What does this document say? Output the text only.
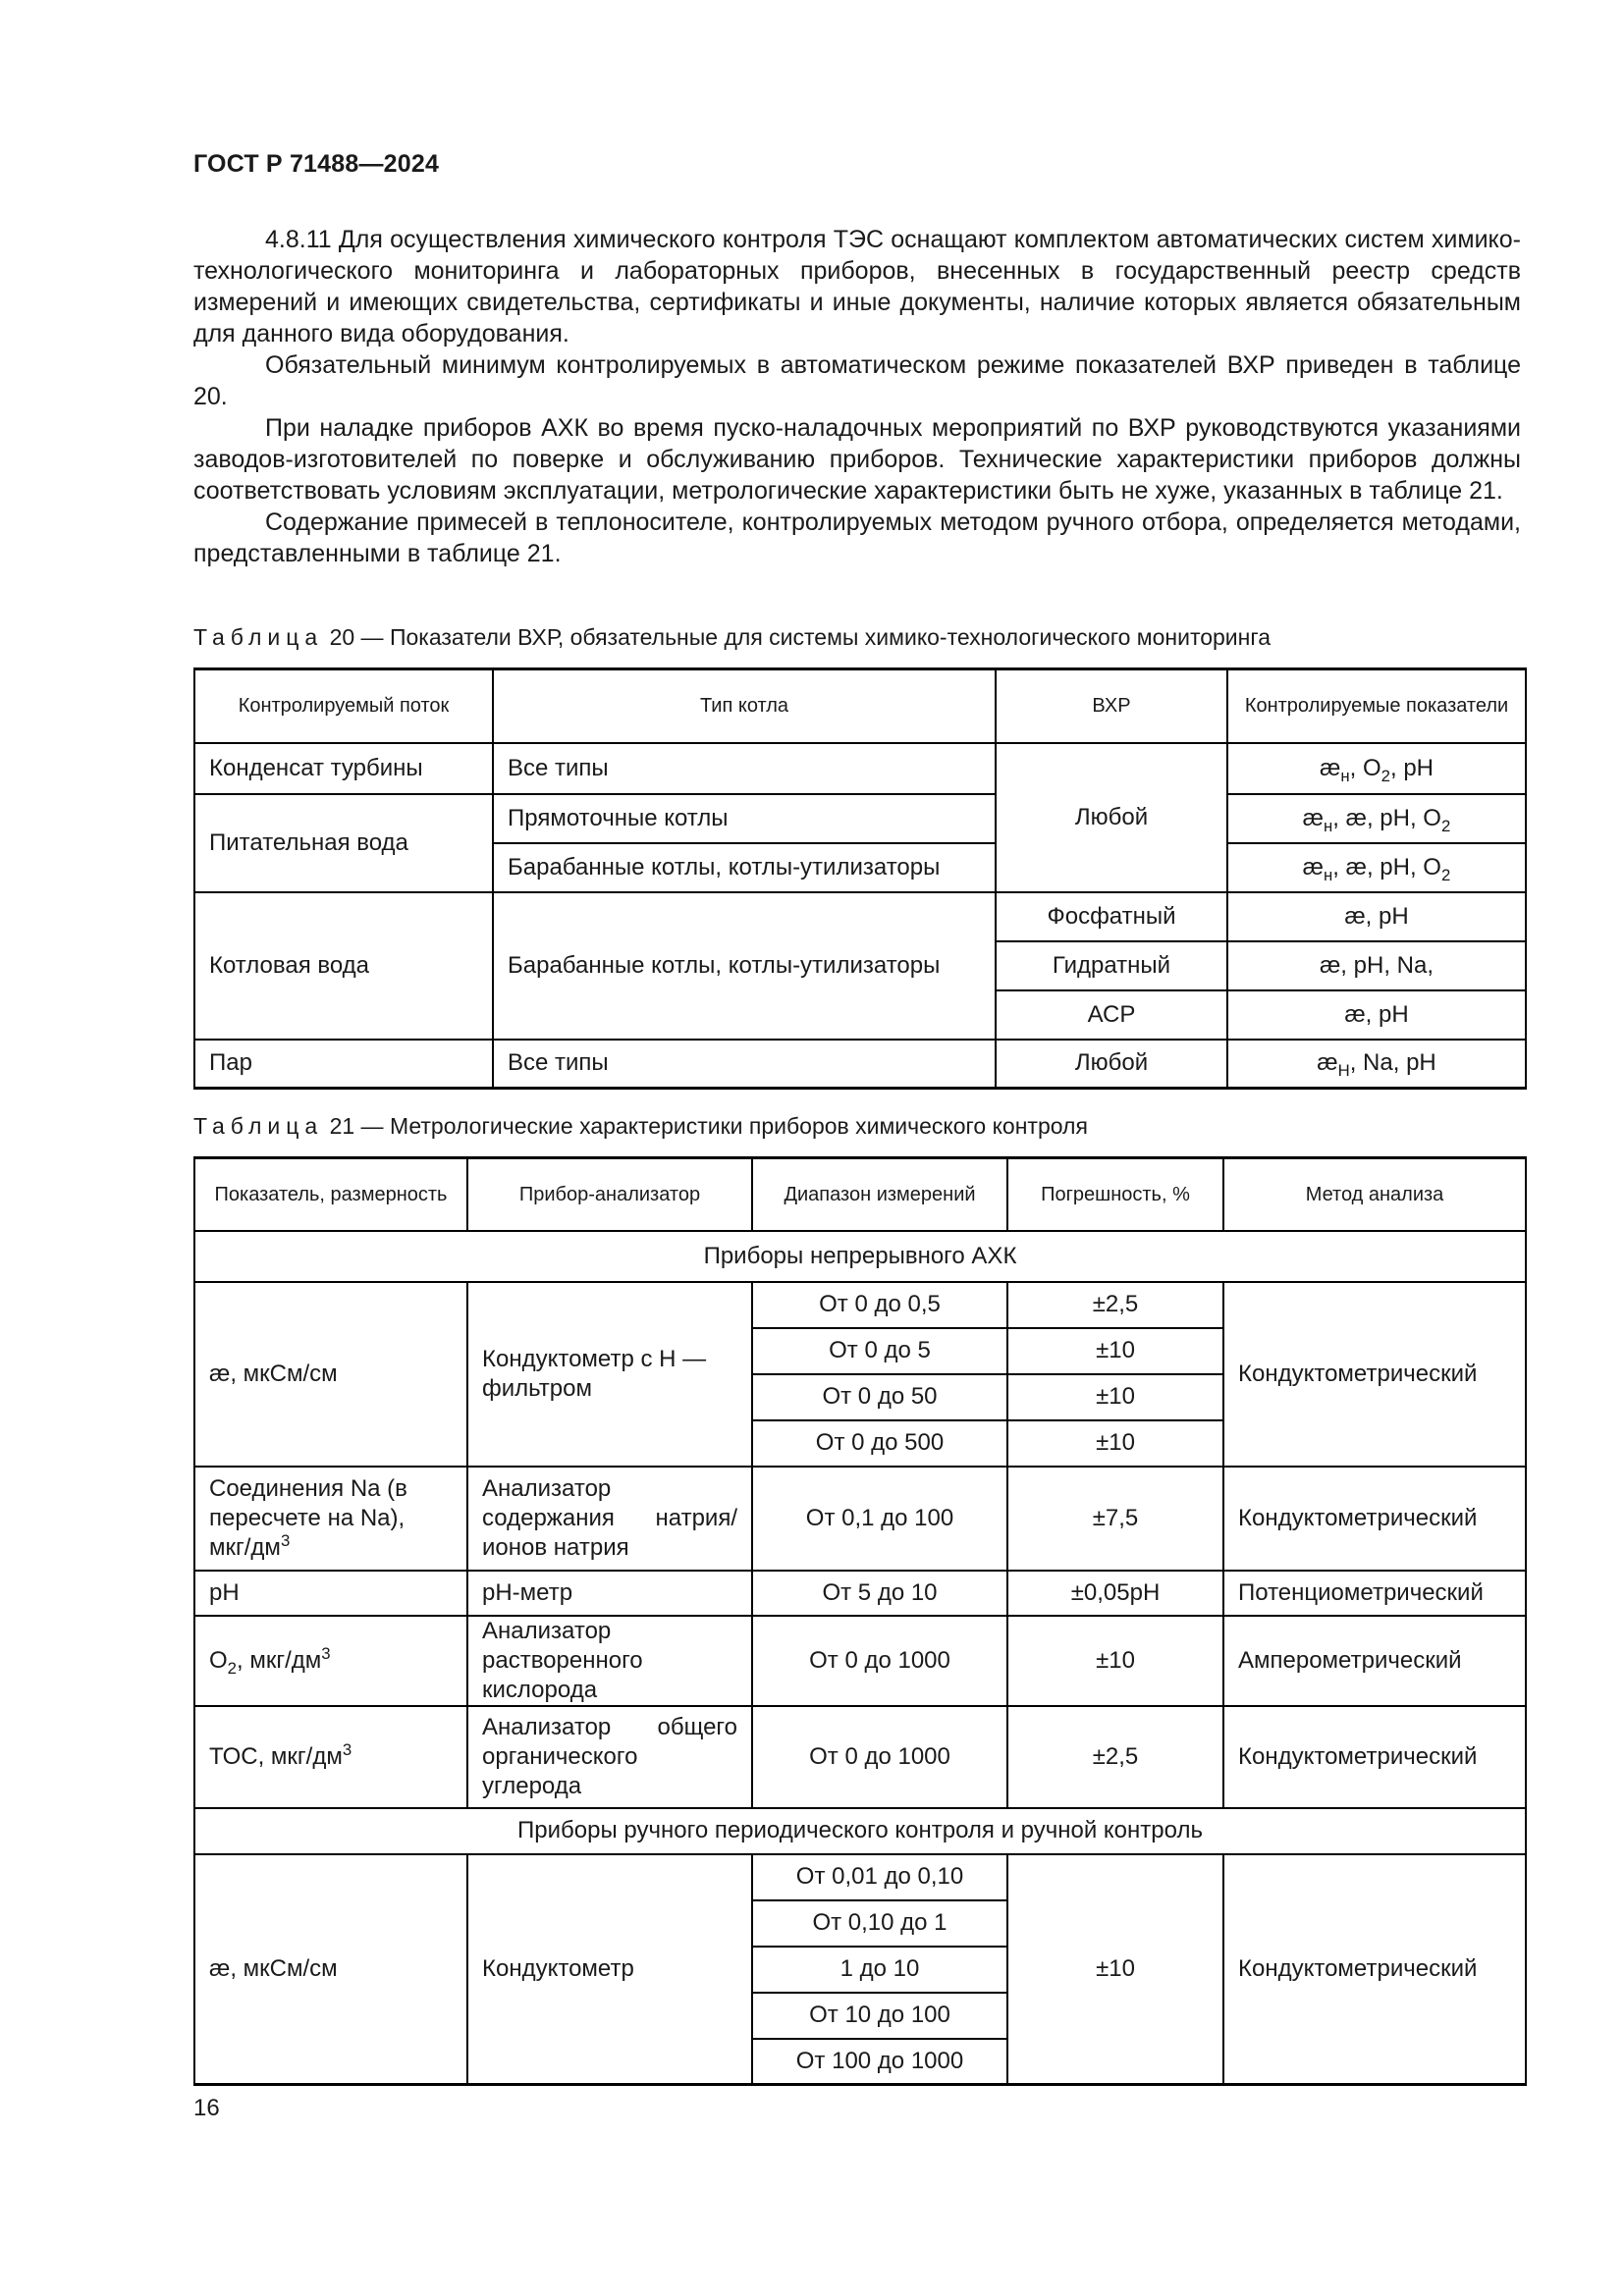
ГОСТ Р 71488—2024

4.8.11 Для осуществления химического контроля ТЭС оснащают комплектом автоматических систем химико-технологического мониторинга и лабораторных приборов, внесенных в государственный реестр средств измерений и имеющих свидетельства, сертификаты и иные документы, наличие которых является обязательным для данного вида оборудования.

Обязательный минимум контролируемых в автоматическом режиме показателей ВХР приведен в таблице 20.

При наладке приборов АХК во время пуско-наладочных мероприятий по ВХР руководствуются указаниями заводов-изготовителей по поверке и обслуживанию приборов. Технические характеристики приборов должны соответствовать условиям эксплуатации, метрологические характеристики быть не хуже, указанных в таблице 21.

Содержание примесей в теплоносителе, контролируемых методом ручного отбора, определяется методами, представленными в таблице 21.

Таблица 20 — Показатели ВХР, обязательные для системы химико-технологического мониторинга
Контролируемый поток	Тип котла	ВХР	Контролируемые показатели
Конденсат турбины	Все типы	Любой	$æ_н$, $O_2$, pH
Питательная вода	Прямоточные котлы		$æ_н$, æ, pH, $O_2$
	Барабанные котлы, котлы-утилизаторы		$æ_н$, æ, pH, $O_2$
Котловая вода	Барабанные котлы, котлы-утилизаторы	Фосфатный	æ, pH
		Гидратный	æ, pH, Na,
		АСР	æ, pH
Пар	Все типы	Любой	$æ_Н$, Na, pH
Таблица 21 — Метрологические характеристики приборов химического контроля
Показатель, размерность	Прибор-анализатор	Диапазон измерений	Погрешность, %	Метод анализа
Приборы непрерывного АХК				
æ, мкСм/см	Кондуктометр с Н — фильтром	От 0 до 0,5	±2,5	Кондуктометрический
		От 0 до 5	±10	
		От 0 до 50	±10	
		От 0 до 500	±10	
Соединения Na (в пересчете на Na), мкг/$дм^3$	Анализатор содержания натрия/ионов натрия	От 0,1 до 100	±7,5	Кондуктометрический
pH	pH-метр	От 5 до 10	±0,05pH	Потенциометрический
$O_2$, мкг/$дм^3$	Анализатор растворенного кислорода	От 0 до 1000	±10	Амперометрический
ТОС, мкг/$дм^3$	Анализатор общего органического углерода	От 0 до 1000	±2,5	Кондуктометрический
Приборы ручного периодического контроля и ручной контроль				
æ, мкСм/см	Кондуктометр	От 0,01 до 0,10	±10	Кондуктометрический
		От 0,10 до 1		
		1 до 10		
		От 10 до 100		
		От 100 до 1000		
16
